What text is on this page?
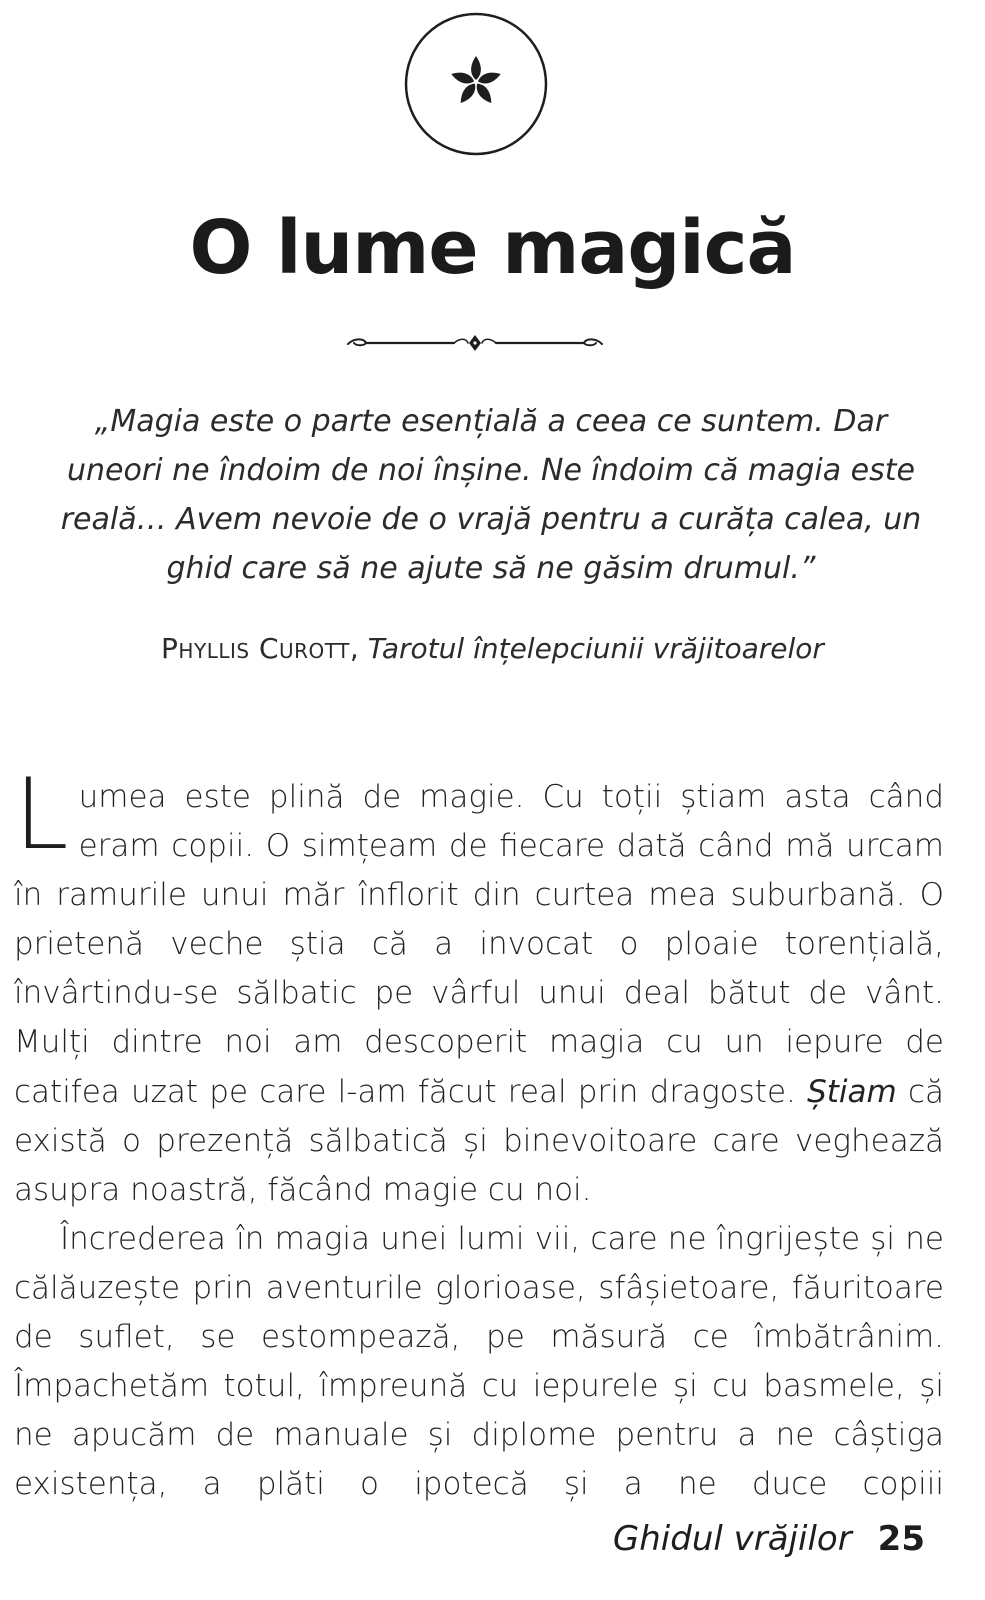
O lume magică
„Magia este o parte esențială a ceea ce suntem. Dar uneori ne îndoim de noi înșine. Ne îndoim că magia este reală… Avem nevoie de o vrajă pentru a curăța calea, un ghid care să ne ajute să ne găsim drumul.”
Phyllis Curott, Tarotul înțelepciunii vrăjitoarelor

Lumea este plină de magie. Cu toții știam asta când eram copii. O simțeam de fiecare dată când mă urcam în ramurile unui măr înflorit din curtea mea suburbană. O prietenă veche știa că a invocat o ploaie torențială, învârtindu-se sălbatic pe vârful unui deal bătut de vânt. Mulți dintre noi am descoperit magia cu un iepure de catifea uzat pe care l-am făcut real prin dragoste. Știam că există o prezență sălbatică și binevoitoare care veghează asupra noastră, făcând magie cu noi.

Încrederea în magia unei lumi vii, care ne îngrijește și ne călăuzește prin aventurile glorioase, sfâșietoare, făuritoare de suflet, se estompează, pe măsură ce îmbătrânim. Împachetăm totul, împreună cu iepurele și cu basmele, și ne apucăm de manuale și diplome pentru a ne câștiga existența, a plăti o ipotecă și a ne duce copiii

Ghidul vrăjilor 25
